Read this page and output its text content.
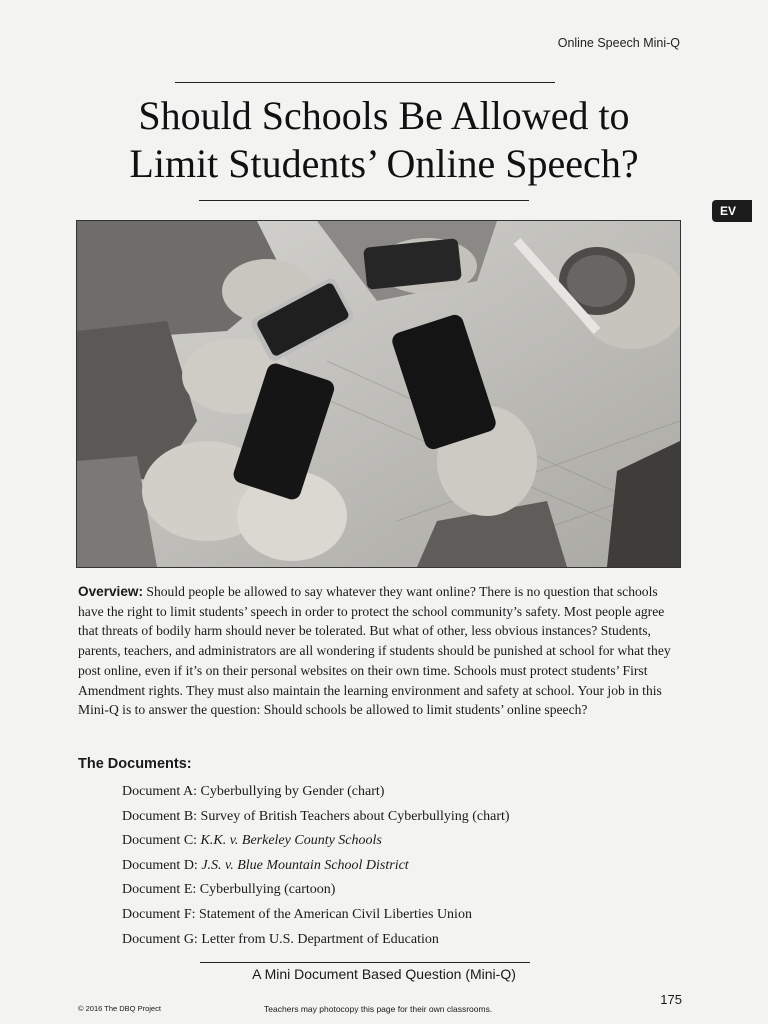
Online Speech Mini-Q
Should Schools Be Allowed to
Limit Students’ Online Speech?
EV
Overview: Should people be allowed to say whatever they want online? There is no question that schools have the right to limit students’ speech in order to protect the school community’s safety. Most people agree that threats of bodily harm should never be tolerated. But what of other, less obvious instances? Students, parents, teachers, and administrators are all wondering if students should be punished at school for what they post online, even if it’s on their personal websites on their own time. Schools must protect students’ First Amendment rights. They must also maintain the learning environment and safety at school. Your job in this Mini-Q is to answer the question: Should schools be allowed to limit students’ online speech?
The Documents:
Document A: Cyberbullying by Gender (chart)
Document B: Survey of British Teachers about Cyberbullying (chart)
Document C: K.K. v. Berkeley County Schools
Document D: J.S. v. Blue Mountain School District
Document E: Cyberbullying (cartoon)
Document F: Statement of the American Civil Liberties Union
Document G: Letter from U.S. Department of Education
A Mini Document Based Question (Mini-Q)
175
© 2016 The DBQ Project	Teachers may photocopy this page for their own classrooms.
